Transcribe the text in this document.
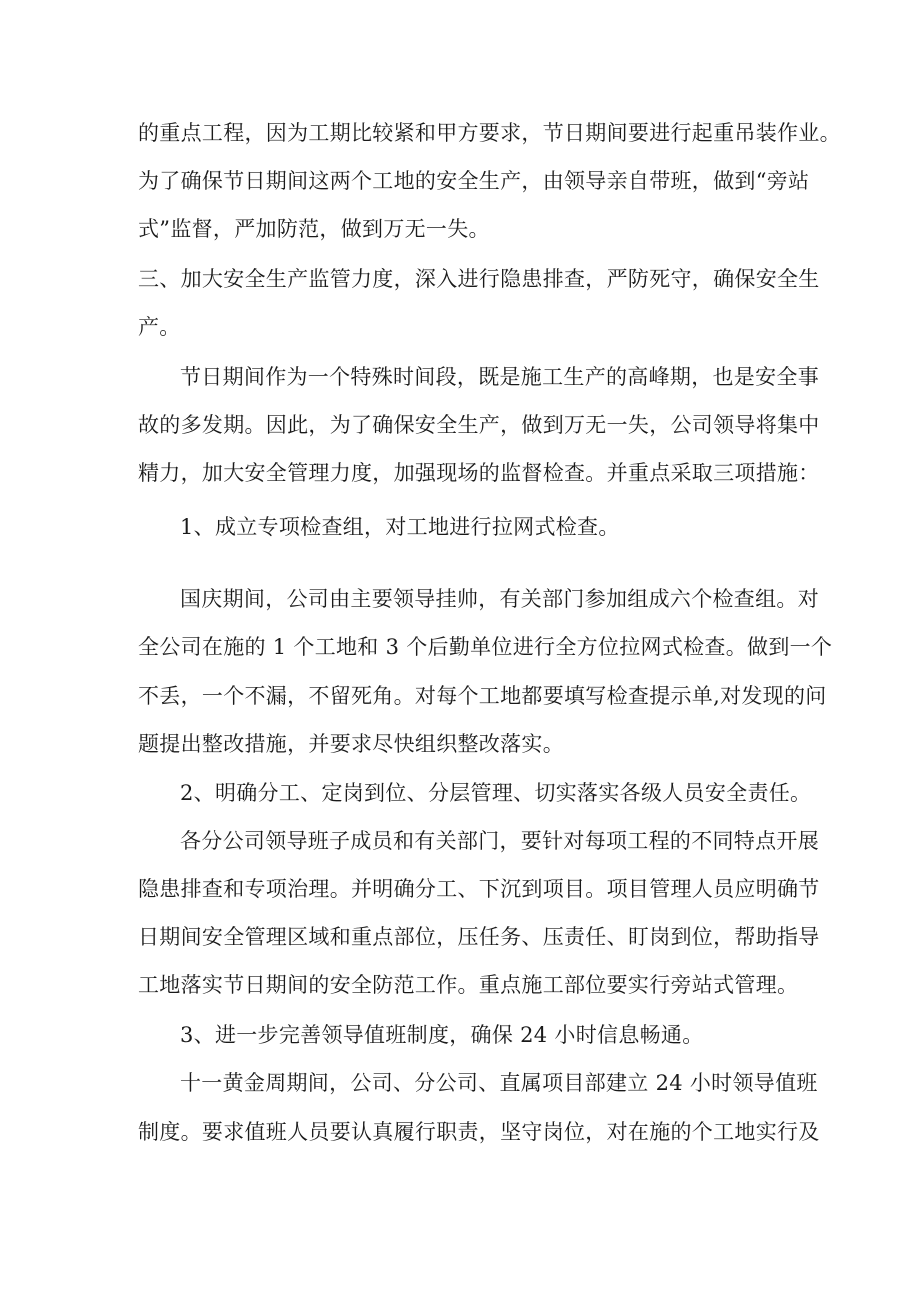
的重点工程，因为工期比较紧和甲方要求，节日期间要进行起重吊装作业。
为了确保节日期间这两个工地的安全生产，由领导亲自带班，做到“旁站
式”监督，严加防范，做到万无一失。
三、加大安全生产监管力度，深入进行隐患排查，严防死守，确保安全生
产。
节日期间作为一个特殊时间段，既是施工生产的高峰期，也是安全事
故的多发期。因此，为了确保安全生产，做到万无一失，公司领导将集中
精力，加大安全管理力度，加强现场的监督检查。并重点采取三项措施：
1、成立专项检查组，对工地进行拉网式检查。
国庆期间，公司由主要领导挂帅，有关部门参加组成六个检查组。对
全公司在施的 1 个工地和 3 个后勤单位进行全方位拉网式检查。做到一个
不丢，一个不漏，不留死角。对每个工地都要填写检查提示单,对发现的问
题提出整改措施，并要求尽快组织整改落实。
2、明确分工、定岗到位、分层管理、切实落实各级人员安全责任。
各分公司领导班子成员和有关部门，要针对每项工程的不同特点开展
隐患排查和专项治理。并明确分工、下沉到项目。项目管理人员应明确节
日期间安全管理区域和重点部位，压任务、压责任、盯岗到位，帮助指导
工地落实节日期间的安全防范工作。重点施工部位要实行旁站式管理。
3、进一步完善领导值班制度，确保 24 小时信息畅通。
十一黄金周期间，公司、分公司、直属项目部建立 24 小时领导值班
制度。要求值班人员要认真履行职责，坚守岗位，对在施的个工地实行及
